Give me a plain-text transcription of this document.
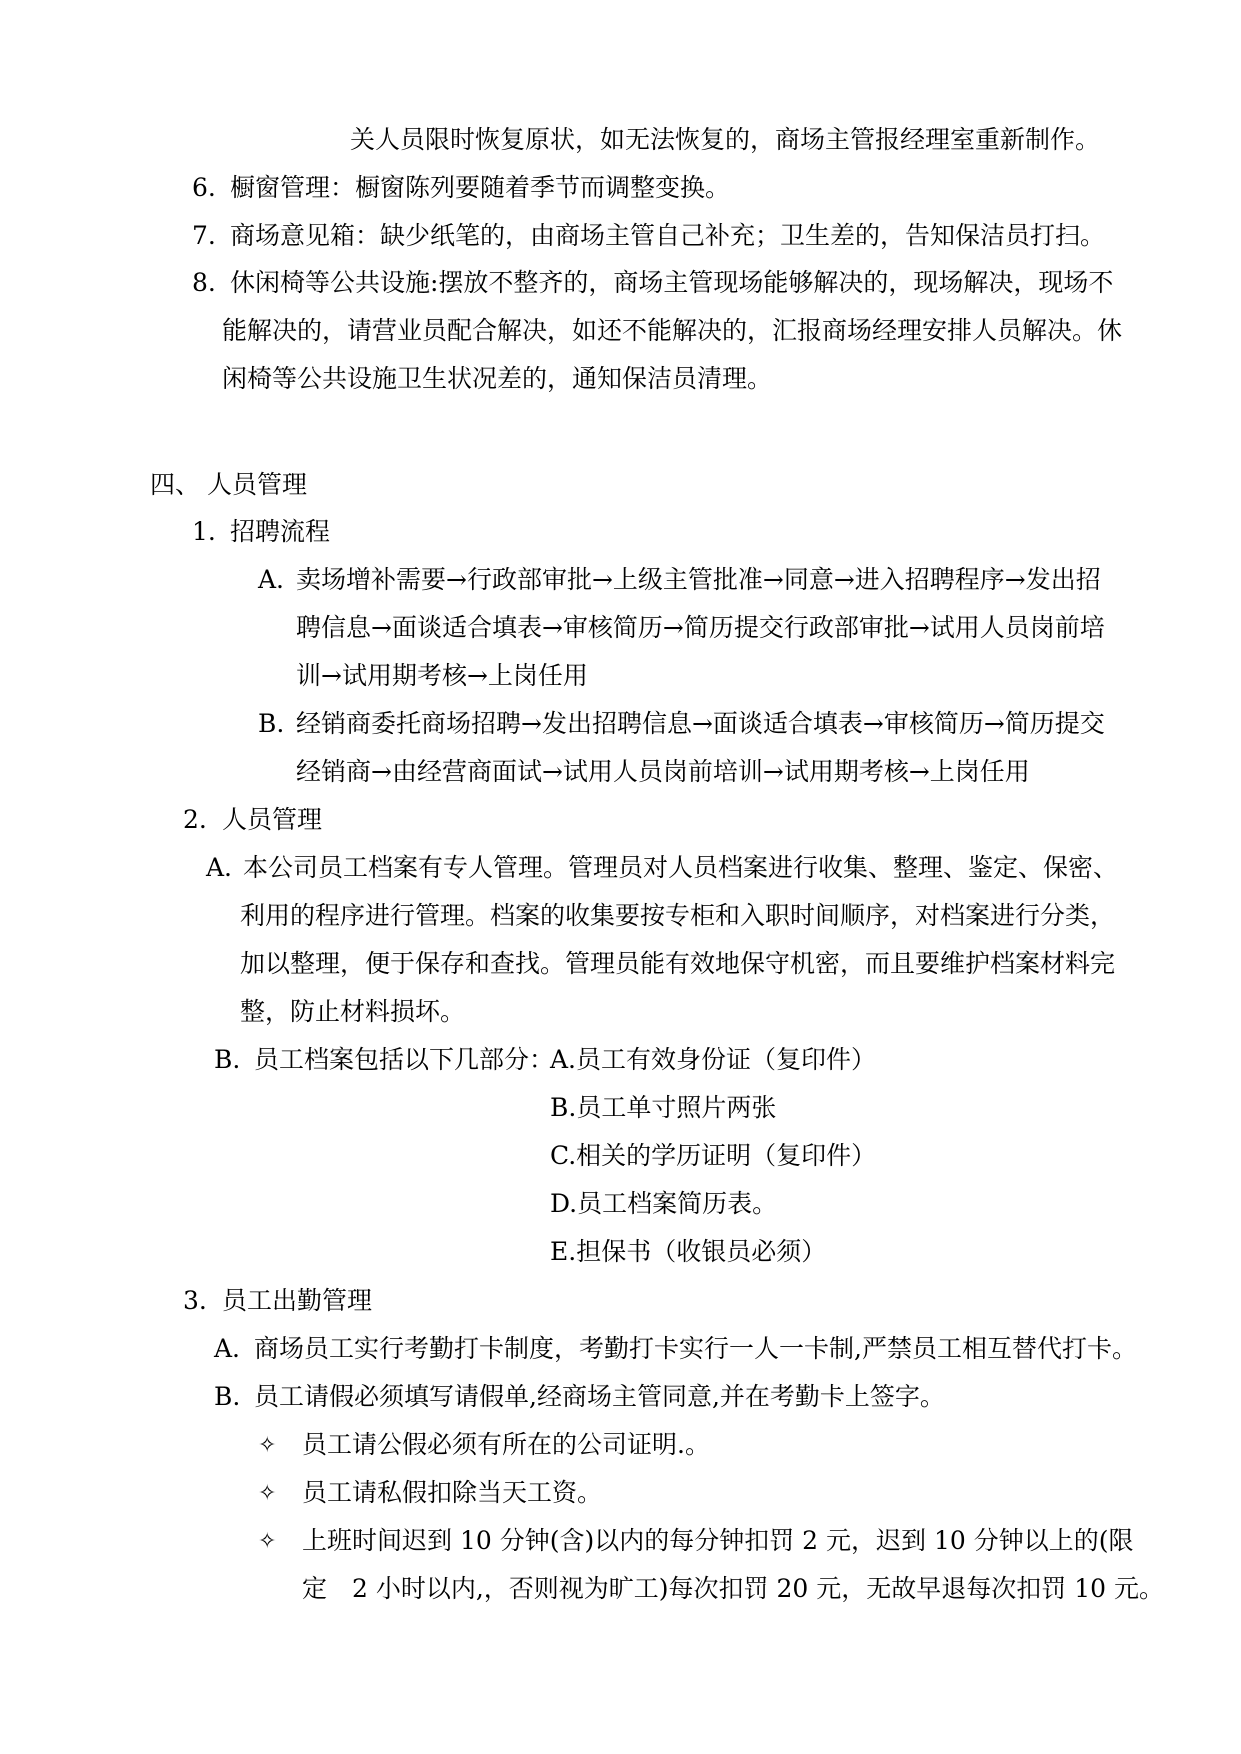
关人员限时恢复原状，如无法恢复的，商场主管报经理室重新制作。
6. 橱窗管理：橱窗陈列要随着季节而调整变换。
7. 商场意见箱：缺少纸笔的，由商场主管自己补充；卫生差的，告知保洁员打扫。
8. 休闲椅等公共设施:摆放不整齐的，商场主管现场能够解决的，现场解决，现场不
能解决的，请营业员配合解决，如还不能解决的，汇报商场经理安排人员解决。休
闲椅等公共设施卫生状况差的，通知保洁员清理。
四、 人员管理
1. 招聘流程
A. 卖场增补需要→行政部审批→上级主管批准→同意→进入招聘程序→发出招
聘信息→面谈适合填表→审核简历→简历提交行政部审批→试用人员岗前培
训→试用期考核→上岗任用
B. 经销商委托商场招聘→发出招聘信息→面谈适合填表→审核简历→简历提交
经销商→由经营商面试→试用人员岗前培训→试用期考核→上岗任用
2. 人员管理
A. 本公司员工档案有专人管理。管理员对人员档案进行收集、整理、鉴定、保密、
利用的程序进行管理。档案的收集要按专柜和入职时间顺序，对档案进行分类，
加以整理，便于保存和查找。管理员能有效地保守机密，而且要维护档案材料完
整，防止材料损坏。
B. 员工档案包括以下几部分：
A.员工有效身份证（复印件）
B.员工单寸照片两张
C.相关的学历证明（复印件）
D.员工档案简历表。
E.担保书（收银员必须）
3. 员工出勤管理
A. 商场员工实行考勤打卡制度，考勤打卡实行一人一卡制,严禁员工相互替代打卡。
B. 员工请假必须填写请假单,经商场主管同意,并在考勤卡上签字。
✧ 员工请公假必须有所在的公司证明.。
✧ 员工请私假扣除当天工资。
✧ 上班时间迟到 10 分钟(含)以内的每分钟扣罚 2 元，迟到 10 分钟以上的(限
定　2 小时以内,，否则视为旷工)每次扣罚 20 元，无故早退每次扣罚 10 元。
